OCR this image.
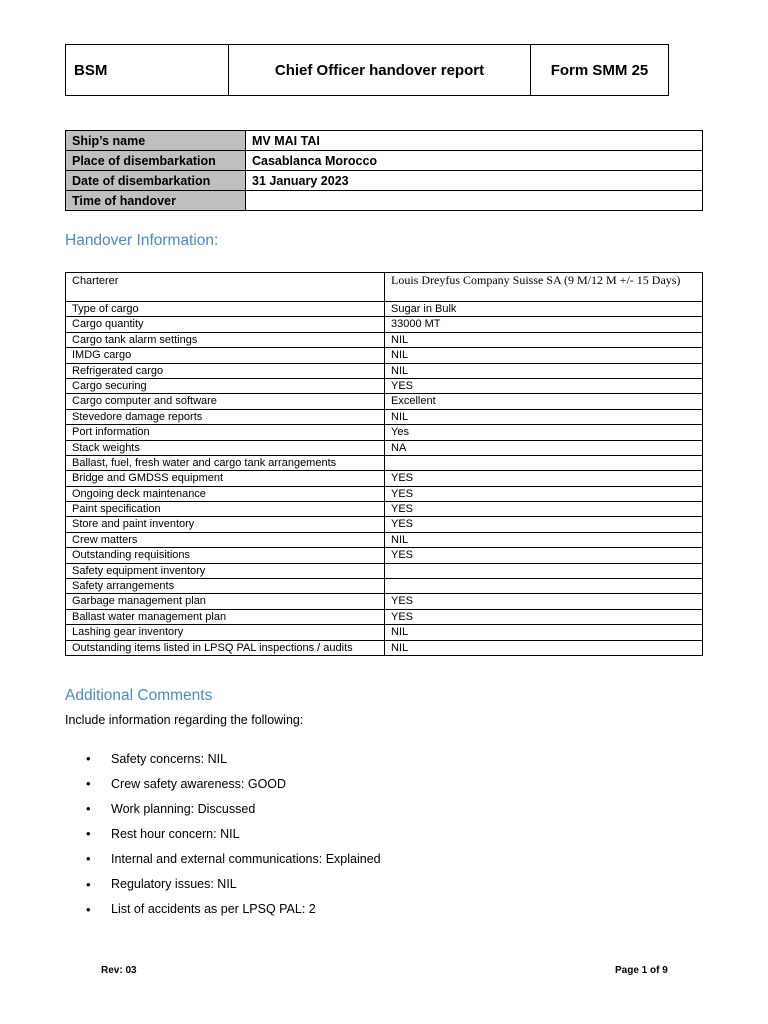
BSM	Chief Officer handover report	Form SMM 25
Ship’s name	MV MAI TAI
Place of disembarkation	Casablanca Morocco
Date of disembarkation	31 January 2023
Time of handover	
Handover Information:
Charterer	Louis Dreyfus Company Suisse SA (9 M/12 M +/- 15 Days)
Type of cargo	Sugar in Bulk
Cargo quantity	33000 MT
Cargo tank alarm settings	NIL
IMDG cargo	NIL
Refrigerated cargo	NIL
Cargo securing	YES
Cargo computer and software	Excellent
Stevedore damage reports	NIL
Port information	Yes
Stack weights	NA
Ballast, fuel, fresh water and cargo tank arrangements	
Bridge and GMDSS equipment	YES
Ongoing deck maintenance	YES
Paint specification	YES
Store and paint inventory	YES
Crew matters	NIL
Outstanding requisitions	YES
Safety equipment inventory	
Safety arrangements	
Garbage management plan	YES
Ballast water management plan	YES
Lashing gear inventory	NIL
Outstanding items listed in LPSQ PAL inspections / audits	NIL
Additional Comments
Include information regarding the following:
•	Safety concerns: NIL
•	Crew safety awareness: GOOD
•	Work planning: Discussed
•	Rest hour concern: NIL
•	Internal and external communications: Explained
•	Regulatory issues: NIL
•	List of accidents as per LPSQ PAL: 2
Rev: 03	Page 1 of 9
